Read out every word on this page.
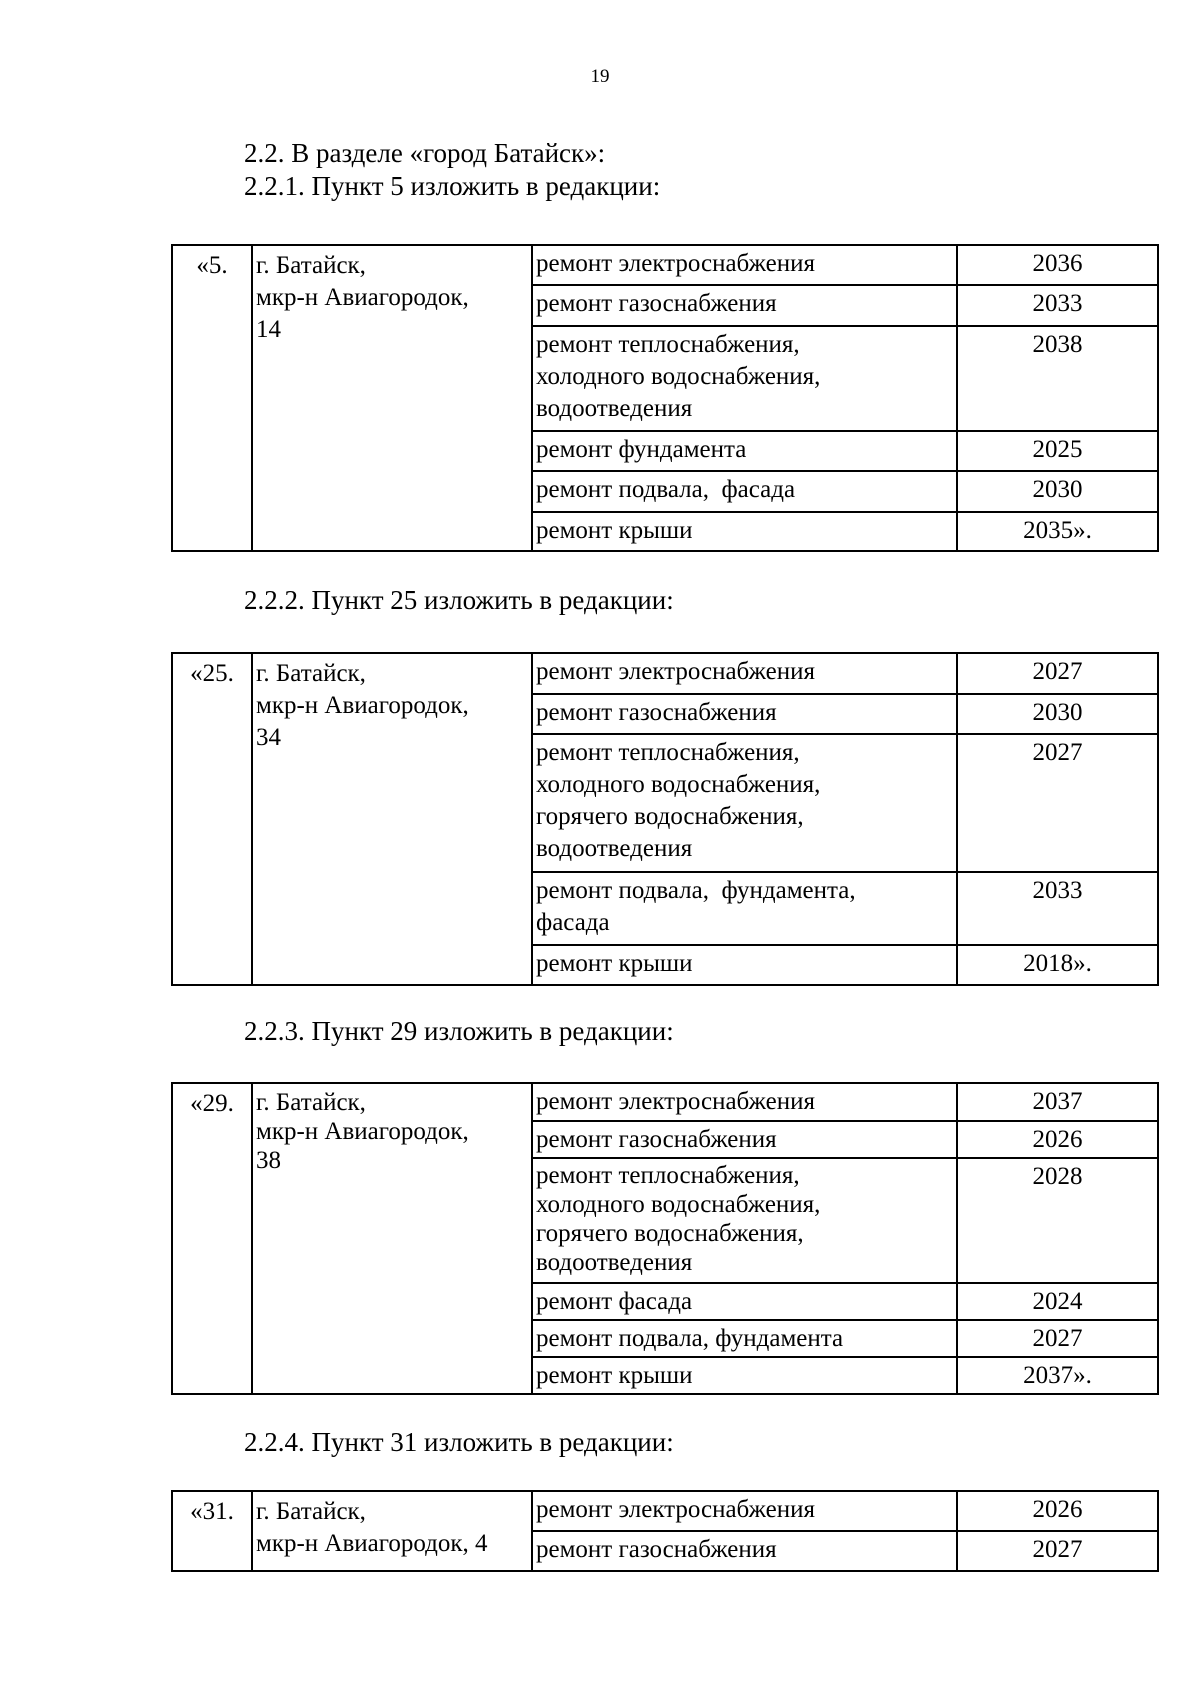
19
2.2. В разделе «город Батайск»:
2.2.1. Пункт 5 изложить в редакции:
«5.	г. Батайск,
мкр-н Авиагородок,
14	ремонт электроснабжения	2036
		ремонт газоснабжения	2033

		ремонт теплоснабжения,
холодного водоснабжения,
водоотведения	2038
		ремонт фундамента	2025
		ремонт подвала,  фасада	2030
		ремонт крыши	2035».
2.2.2. Пункт 25 изложить в редакции:
«25.	г. Батайск,
мкр-н Авиагородок,
34	ремонт электроснабжения	2027
		ремонт газоснабжения	2030

		ремонт теплоснабжения,
холодного водоснабжения,
горячего водоснабжения,
водоотведения	2027

		ремонт подвала,  фундамента,
фасада	2033
		ремонт крыши	2018».
2.2.3. Пункт 29 изложить в редакции:
«29.	г. Батайск,
мкр-н Авиагородок,
38	ремонт электроснабжения	2037
		ремонт газоснабжения	2026

		ремонт теплоснабжения,
холодного водоснабжения,
горячего водоснабжения,
водоотведения	2028
		ремонт фасада	2024
		ремонт подвала, фундамента	2027
		ремонт крыши	2037».
2.2.4. Пункт 31 изложить в редакции:
«31.	г. Батайск,
мкр-н Авиагородок, 4	ремонт электроснабжения	2026
		ремонт газоснабжения	2027
